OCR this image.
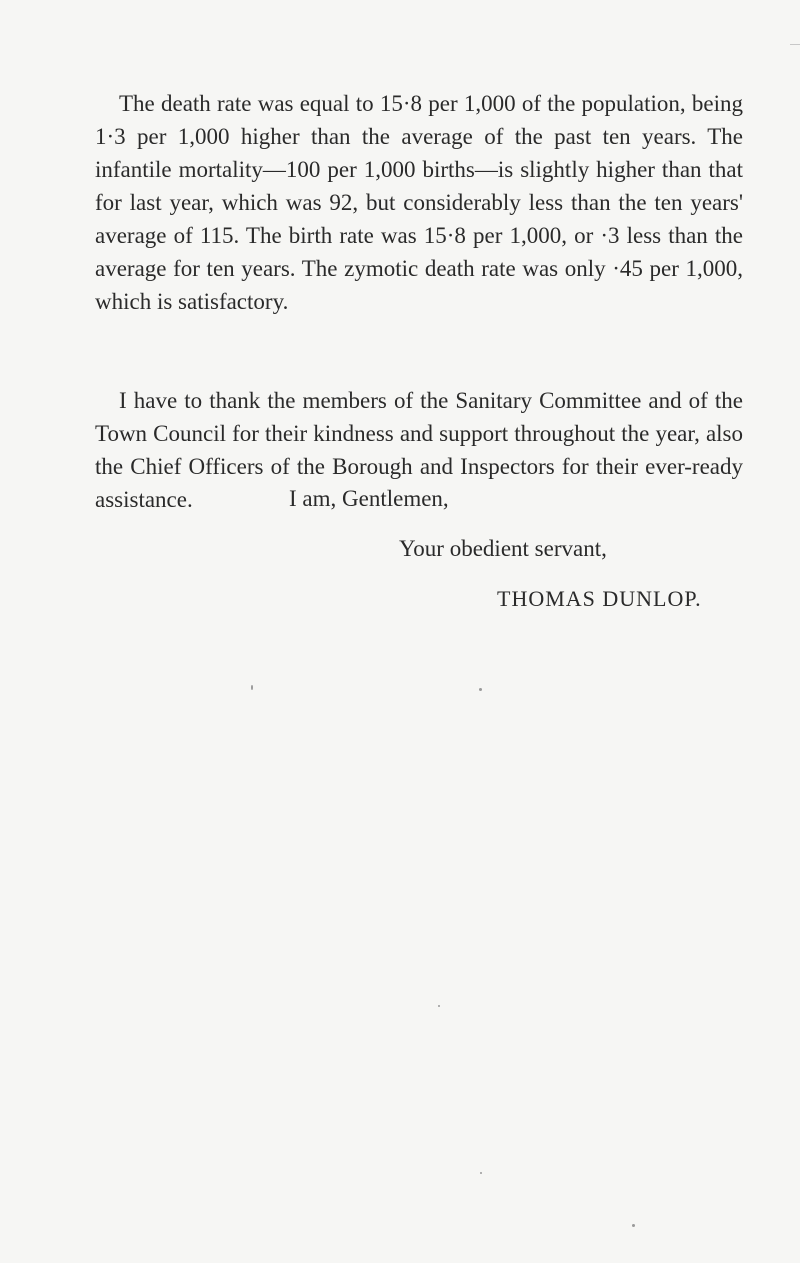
The death rate was equal to 15·8 per 1,000 of the population, being 1·3 per 1,000 higher than the average of the past ten years. The infantile mortality—100 per 1,000 births—is slightly higher than that for last year, which was 92, but considerably less than the ten years' average of 115. The birth rate was 15·8 per 1,000, or ·3 less than the average for ten years. The zymotic death rate was only ·45 per 1,000, which is satisfactory.

I have to thank the members of the Sanitary Committee and of the Town Council for their kindness and support throughout the year, also the Chief Officers of the Borough and Inspectors for their ever-ready assistance.	I am, Gentlemen,

Your obedient servant,

THOMAS DUNLOP.
